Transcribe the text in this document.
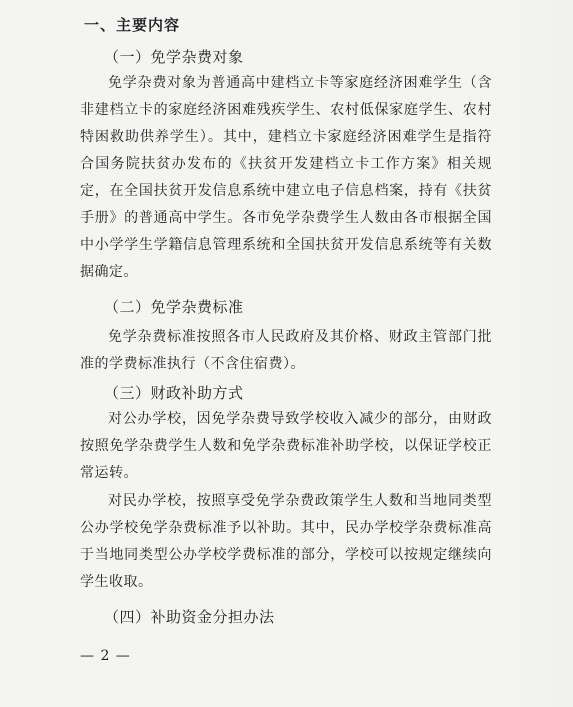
一、主要内容
（一）免学杂费对象
免学杂费对象为普通高中建档立卡等家庭经济困难学生（含非建档立卡的家庭经济困难残疾学生、农村低保家庭学生、农村特困救助供养学生）。其中，建档立卡家庭经济困难学生是指符合国务院扶贫办发布的《扶贫开发建档立卡工作方案》相关规定，在全国扶贫开发信息系统中建立电子信息档案，持有《扶贫手册》的普通高中学生。各市免学杂费学生人数由各市根据全国中小学学生学籍信息管理系统和全国扶贫开发信息系统等有关数据确定。
（二）免学杂费标准
免学杂费标准按照各市人民政府及其价格、财政主管部门批准的学费标准执行（不含住宿费）。
（三）财政补助方式
对公办学校，因免学杂费导致学校收入减少的部分，由财政按照免学杂费学生人数和免学杂费标准补助学校，以保证学校正常运转。
对民办学校，按照享受免学杂费政策学生人数和当地同类型公办学校免学杂费标准予以补助。其中，民办学校学杂费标准高于当地同类型公办学校学费标准的部分，学校可以按规定继续向学生收取。
（四）补助资金分担办法
— 2 —
